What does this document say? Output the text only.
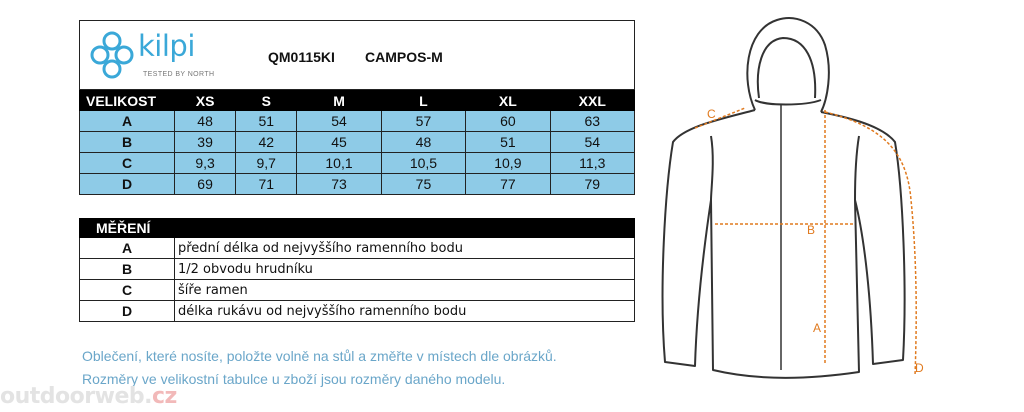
kilpi
TESTED BY NORTH
QM0115KI CAMPOS-M
VELIKOST	XS	S	M	L	XL	XXL
A	48	51	54	57	60	63
B	39	42	45	48	51	54
C	9,3	9,7	10,1	10,5	10,9	11,3
D	69	71	73	75	77	79
MĚŘENÍ	
A	přední délka od nejvyššího ramenního bodu
B	1/2 obvodu hrudníku
C	šíře ramen
D	délka rukávu od nejvyššího ramenního bodu
Oblečení, které nosíte, položte volně na stůl a změřte v místech dle obrázků.
Rozměry ve velikostní tabulce u zboží jsou rozměry daného modelu.
outdoorweb.cz
C
B
A
D
